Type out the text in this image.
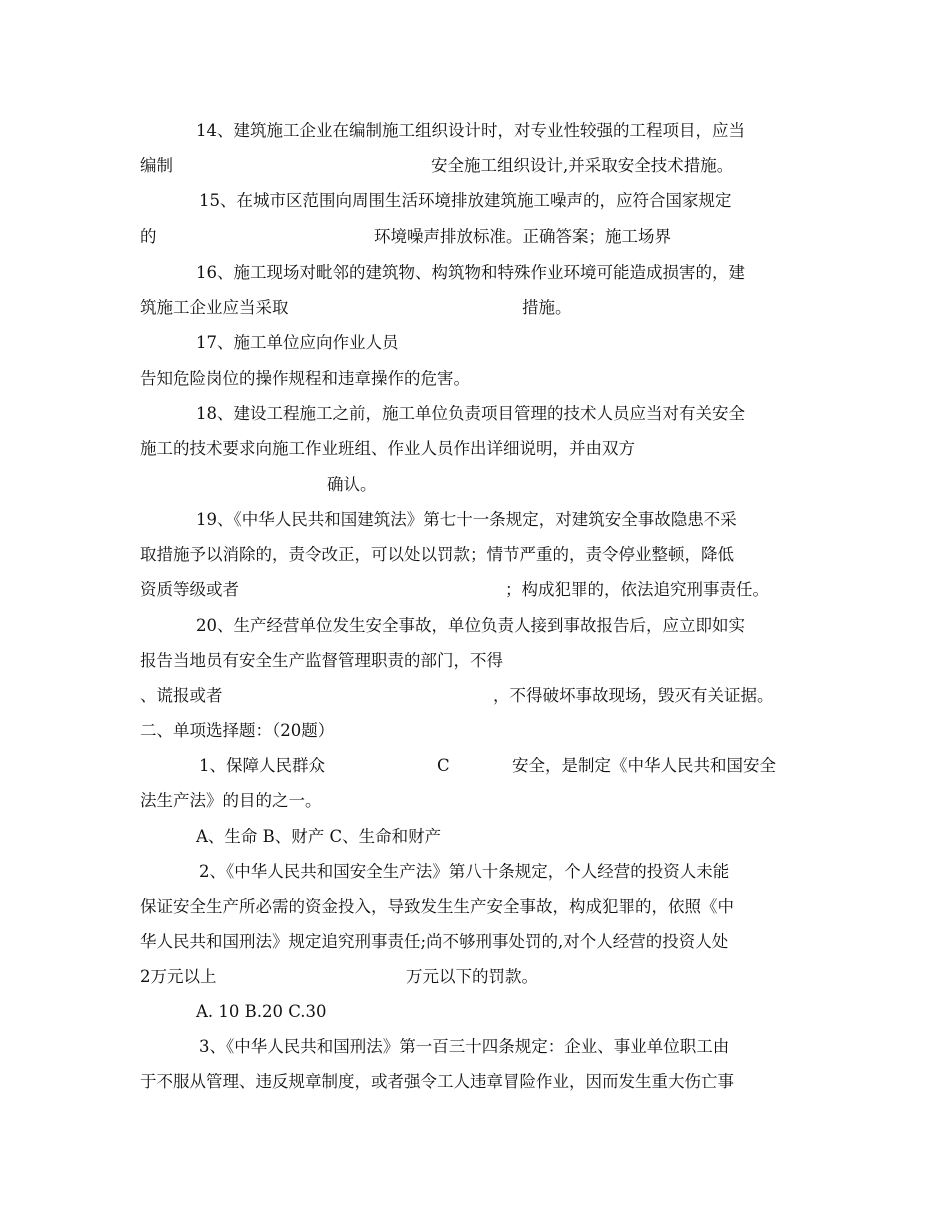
14、建筑施工企业在编制施工组织设计时，对专业性较强的工程项目，应当
编制	安全施工组织设计,并采取安全技术措施。
15、在城市区范围向周围生活环境排放建筑施工噪声的，应符合国家规定
的	环境噪声排放标准。正确答案；施工场界
16、施工现场对毗邻的建筑物、构筑物和特殊作业环境可能造成损害的，建
筑施工企业应当采取	措施。
17、施工单位应向作业人员
告知危险岗位的操作规程和违章操作的危害。
18、建设工程施工之前，施工单位负责项目管理的技术人员应当对有关安全
施工的技术要求向施工作业班组、作业人员作出详细说明，并由双方
确认。
19、《中华人民共和国建筑法》第七十一条规定，对建筑安全事故隐患不采
取措施予以消除的，责令改正，可以处以罚款；情节严重的，责令停业整顿，降低
资质等级或者	；构成犯罪的，依法追究刑事责任。
20、生产经营单位发生安全事故，单位负责人接到事故报告后，应立即如实
报告当地员有安全生产监督管理职责的部门，不得
、谎报或者	，不得破坏事故现场，毁灭有关证据。
二、单项选择题：（20题）
1、保障人民群众	C	安全，是制定《中华人民共和国安全
法生产法》的目的之一。
A、生命 B、财产 C、生命和财产
2、《中华人民共和国安全生产法》第八十条规定，个人经营的投资人未能
保证安全生产所必需的资金投入，导致发生生产安全事故，构成犯罪的，依照《中
华人民共和国刑法》规定追究刑事责任;尚不够刑事处罚的,对个人经营的投资人处
2万元以上	万元以下的罚款。
A. 10 B.20 C.30
3、《中华人民共和国刑法》第一百三十四条规定：企业、事业单位职工由
于不服从管理、违反规章制度，或者强令工人违章冒险作业，因而发生重大伤亡事
